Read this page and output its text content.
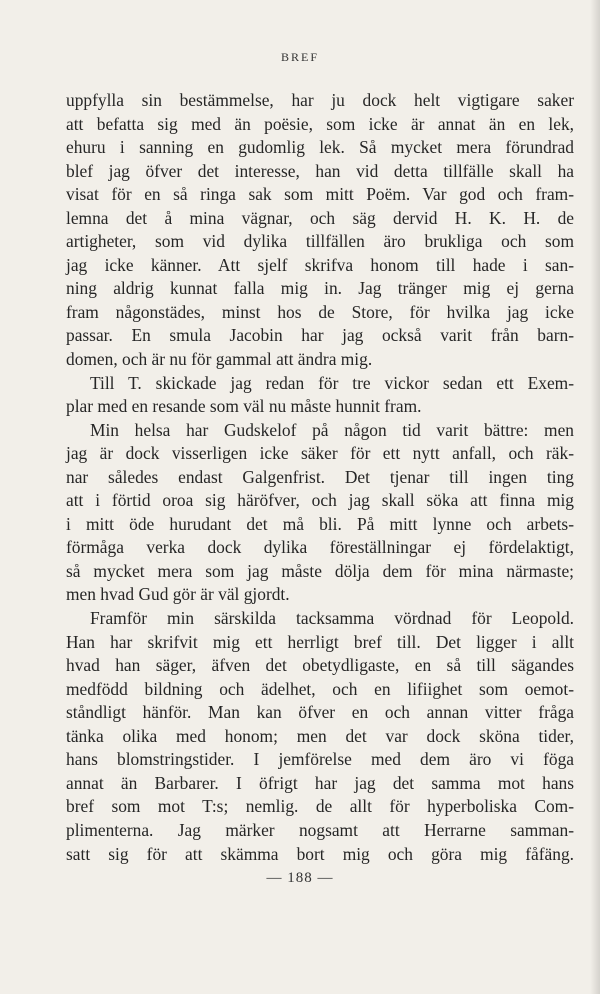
BREF
uppfylla sin bestämmelse, har ju dock helt vigtigare saker
att befatta sig med än poësie, som icke är annat än en lek,
ehuru i sanning en gudomlig lek. Så mycket mera förundrad
blef jag öfver det interesse, han vid detta tillfälle skall ha
visat för en så ringa sak som mitt Poëm. Var god och fram-
lemna det å mina vägnar, och säg dervid H. K. H. de
artigheter, som vid dylika tillfällen äro brukliga och som
jag icke känner. Att sjelf skrifva honom till hade i san-
ning aldrig kunnat falla mig in. Jag tränger mig ej gerna
fram någonstädes, minst hos de Store, för hvilka jag icke
passar. En smula Jacobin har jag också varit från barn-
domen, och är nu för gammal att ändra mig.
Till T. skickade jag redan för tre vickor sedan ett Exem-
plar med en resande som väl nu måste hunnit fram.
Min helsa har Gudskelof på någon tid varit bättre: men
jag är dock visserligen icke säker för ett nytt anfall, och räk-
nar således endast Galgenfrist. Det tjenar till ingen ting
att i förtid oroa sig häröfver, och jag skall söka att finna mig
i mitt öde hurudant det må bli. På mitt lynne och arbets-
förmåga verka dock dylika föreställningar ej fördelaktigt,
så mycket mera som jag måste dölja dem för mina närmaste;
men hvad Gud gör är väl gjordt.
Framför min särskilda tacksamma vördnad för Leopold.
Han har skrifvit mig ett herrligt bref till. Det ligger i allt
hvad han säger, äfven det obetydligaste, en så till sägandes
medfödd bildning och ädelhet, och en lifiighet som oemot-
ståndligt hänför. Man kan öfver en och annan vitter fråga
tänka olika med honom; men det var dock sköna tider,
hans blomstringstider. I jemförelse med dem äro vi föga
annat än Barbarer. I öfrigt har jag det samma mot hans
bref som mot T:s; nemlig. de allt för hyperboliska Com-
plimenterna. Jag märker nogsamt att Herrarne samman-
satt sig för att skämma bort mig och göra mig fåfäng.
— 188 —
